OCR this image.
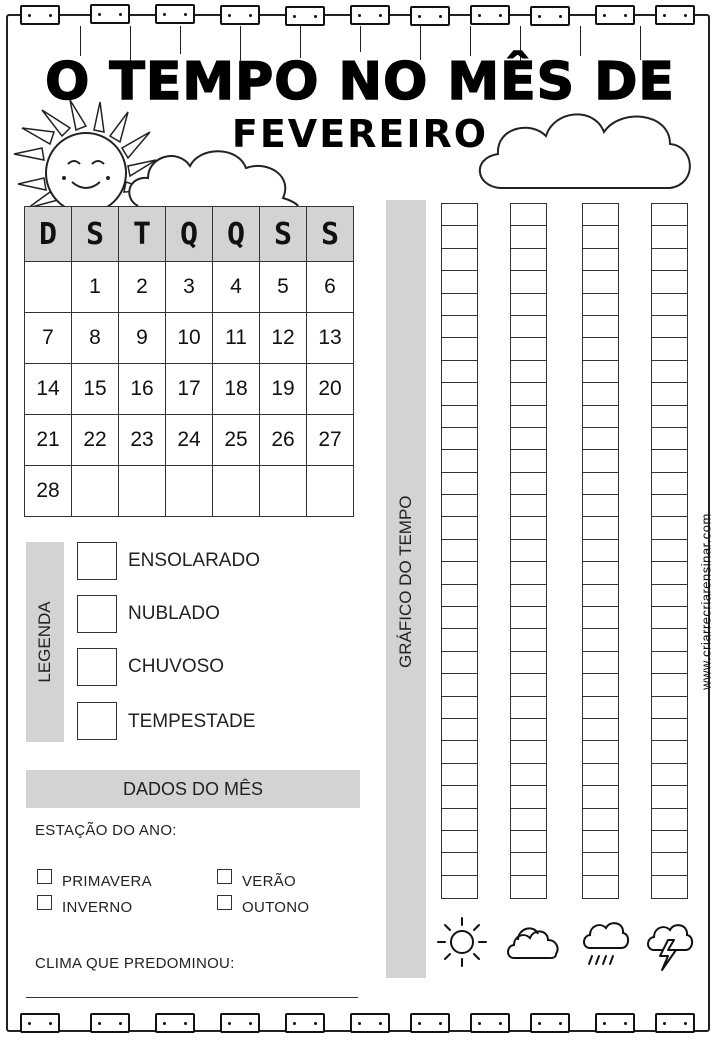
O TEMPO NO MÊS DE
FEVEREIRO
D	S	T	Q	Q	S	S
	1	2	3	4	5	6
7	8	9	10	11	12	13
14	15	16	17	18	19	20
21	22	23	24	25	26	27
28						
LEGENDA
ENSOLARADO
NUBLADO
CHUVOSO
TEMPESTADE
DADOS DO MÊS
ESTAÇÃO DO ANO:
PRIMAVERA	VERÃO
INVERNO	OUTONO
CLIMA QUE PREDOMINOU:
GRÁFICO DO TEMPO	www.criarrecriarensinar.com
